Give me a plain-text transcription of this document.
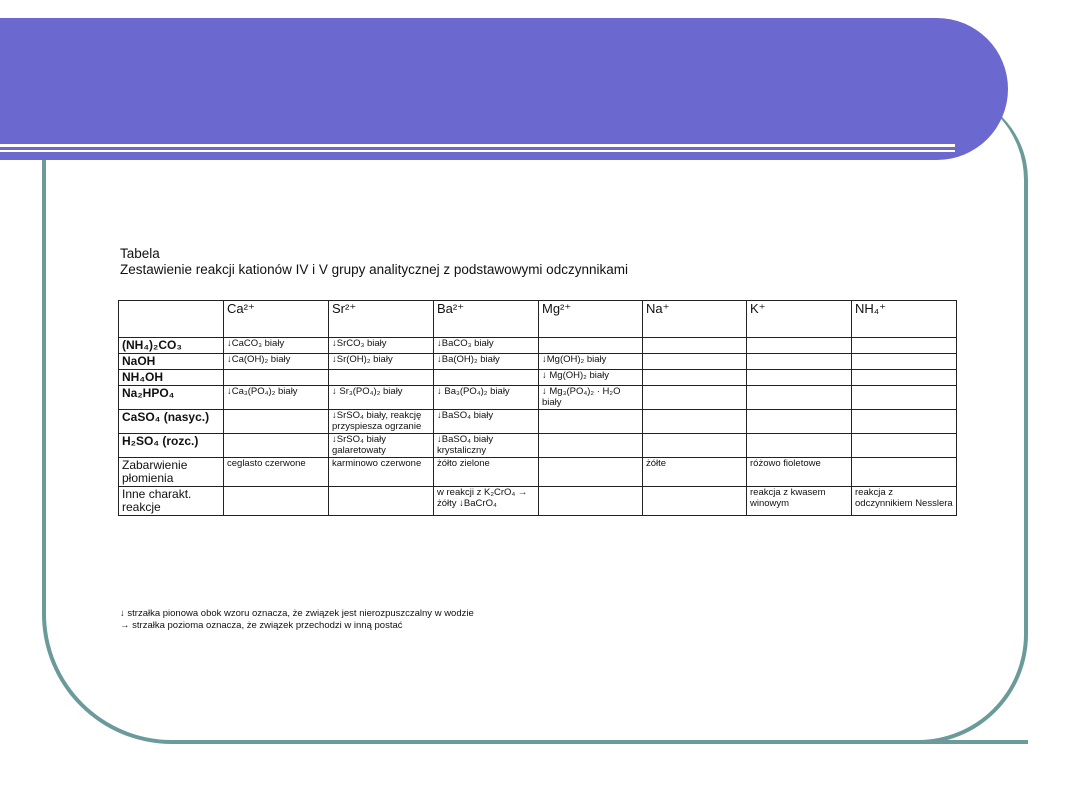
Tabela
Zestawienie reakcji kationów IV i V grupy analitycznej z podstawowymi odczynnikami
	Ca²⁺	Sr²⁺	Ba²⁺	Mg²⁺	Na⁺	K⁺	NH₄⁺
(NH₄)₂CO₃	↓CaCO₃ biały	↓SrCO₃ biały	↓BaCO₃ biały				
NaOH	↓Ca(OH)₂ biały	↓Sr(OH)₂ biały	↓Ba(OH)₂ biały	↓Mg(OH)₂ biały			
NH₄OH				↓ Mg(OH)₂ biały			
Na₂HPO₄	↓Ca₃(PO₄)₂ biały	↓ Sr₃(PO₄)₂ biały	↓ Ba₃(PO₄)₂ biały	↓ Mg₃(PO₄)₂ · H₂O biały			
CaSO₄ (nasyc.)		↓SrSO₄ biały, reakcję przyspiesza ogrzanie	↓BaSO₄ biały				
H₂SO₄ (rozc.)		↓SrSO₄ biały galaretowaty	↓BaSO₄ biały krystaliczny				
Zabarwienie płomienia	ceglasto czerwone	karminowo czerwone	żółto zielone		żółte	różowo fioletowe	
Inne charakt. reakcje			w reakcji z K₂CrO₄ → żółty ↓BaCrO₄			reakcja z kwasem winowym	reakcja z odczynnikiem Nesslera
↓ strzałka pionowa obok wzoru oznacza, że związek jest nierozpuszczalny w wodzie
→ strzałka pozioma oznacza, że związek przechodzi w inną postać
